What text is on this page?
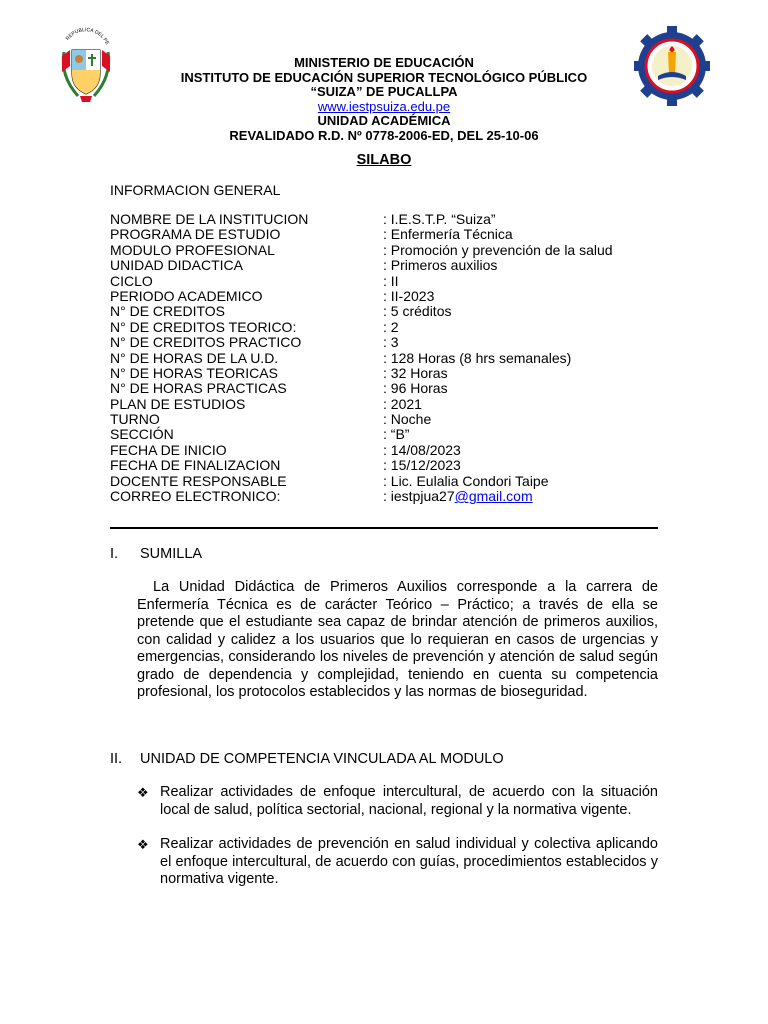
REPÚBLICA DEL PE
MINISTERIO DE EDUCACIÓN
INSTITUTO DE EDUCACIÓN SUPERIOR TECNOLÓGICO PÚBLICO
“SUIZA” DE PUCALLPA
www.iestpsuiza.edu.pe
UNIDAD ACADÉMICA
REVALIDADO R.D. Nº 0778-2006-ED, DEL 25-10-06
SILABO
INFORMACION GENERAL
NOMBRE DE LA INSTITUCION	: I.E.S.T.P. “Suiza”
PROGRAMA DE ESTUDIO	: Enfermería Técnica
MODULO PROFESIONAL	: Promoción y prevención de la salud
UNIDAD DIDACTICA	: Primeros auxilios
CICLO	: II
PERIODO ACADEMICO	: II-2023
N° DE CREDITOS	: 5 créditos
N° DE CREDITOS TEORICO:	: 2
N° DE CREDITOS PRACTICO	: 3
N° DE HORAS DE LA U.D.	: 128 Horas (8 hrs semanales)
N° DE HORAS TEORICAS	: 32 Horas
N° DE HORAS PRACTICAS	: 96 Horas
PLAN DE ESTUDIOS	: 2021
TURNO	: Noche
SECCIÓN	: “B”
FECHA DE INICIO	: 14/08/2023
FECHA DE FINALIZACION	: 15/12/2023
DOCENTE RESPONSABLE	: Lic. Eulalia Condori Taipe
CORREO ELECTRONICO:	: iestpjua27@gmail.com
I. SUMILLA
La Unidad Didáctica de Primeros Auxilios corresponde a la carrera de Enfermería Técnica es de carácter Teórico – Práctico; a través de ella se pretende que el estudiante sea capaz de brindar atención de primeros auxilios, con calidad y calidez a los usuarios que lo requieran en casos de urgencias y emergencias, considerando los niveles de prevención y atención de salud según grado de dependencia y complejidad, teniendo en cuenta su competencia profesional, los protocolos establecidos y las normas de bioseguridad.
II. UNIDAD DE COMPETENCIA VINCULADA AL MODULO
❖ Realizar actividades de enfoque intercultural, de acuerdo con la situación local de salud, política sectorial, nacional, regional y la normativa vigente.
❖ Realizar actividades de prevención en salud individual y colectiva aplicando el enfoque intercultural, de acuerdo con guías, procedimientos establecidos y normativa vigente.
